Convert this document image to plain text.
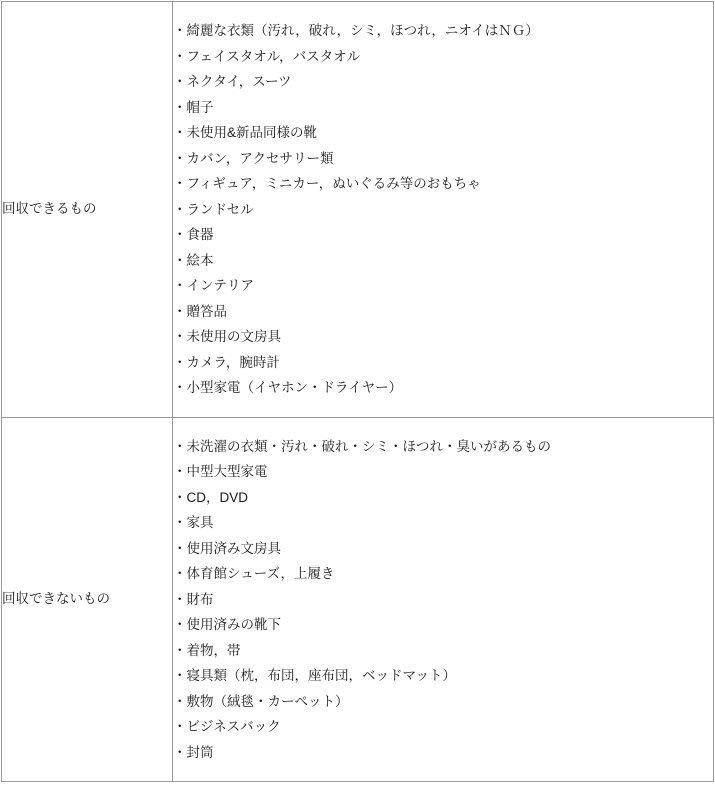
回収できるもの	
・綺麗な衣類（汚れ，破れ，シミ，ほつれ，ニオイはＮＧ）
・フェイスタオル，バスタオル
・ネクタイ，スーツ
・帽子
・未使用&新品同様の靴
・カバン，アクセサリー類
・フィギュア，ミニカー，ぬいぐるみ等のおもちゃ
・ランドセル
・食器
・絵本
・インテリア
・贈答品
・未使用の文房具
・カメラ，腕時計
・小型家電（イヤホン・ドライヤー）

回収できないもの	
・未洗濯の衣類・汚れ・破れ・シミ・ほつれ・臭いがあるもの
・中型大型家電
・CD，DVD
・家具
・使用済み文房具
・体育館シューズ，上履き
・財布
・使用済みの靴下
・着物，帯
・寝具類（枕，布団，座布団，ベッドマット）
・敷物（絨毯・カーペット）
・ビジネスバック
・封筒
